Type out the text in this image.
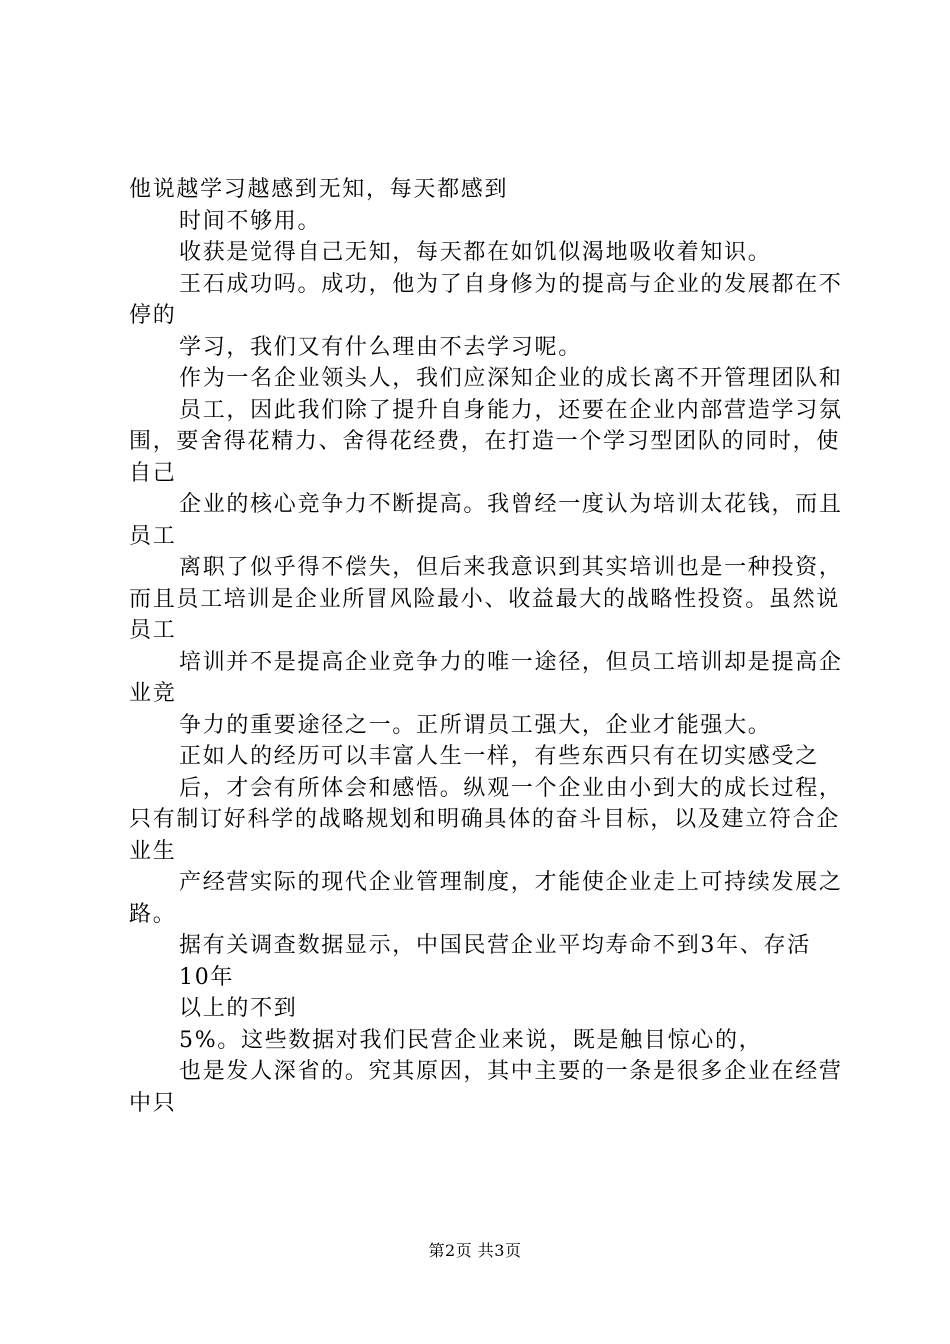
他说越学习越感到无知，每天都感到

时间不够用。

收获是觉得自己无知，每天都在如饥似渴地吸收着知识。

王石成功吗。成功，他为了自身修为的提高与企业的发展都在不停的

学习，我们又有什么理由不去学习呢。

作为一名企业领头人，我们应深知企业的成长离不开管理团队和

员工，因此我们除了提升自身能力，还要在企业内部营造学习氛围，要舍得花精力、舍得花经费，在打造一个学习型团队的同时，使自己

企业的核心竞争力不断提高。我曾经一度认为培训太花钱，而且员工

离职了似乎得不偿失，但后来我意识到其实培训也是一种投资，而且员工培训是企业所冒风险最小、收益最大的战略性投资。虽然说员工

培训并不是提高企业竞争力的唯一途径，但员工培训却是提高企业竞

争力的重要途径之一。正所谓员工强大，企业才能强大。

正如人的经历可以丰富人生一样，有些东西只有在切实感受之

后，才会有所体会和感悟。纵观一个企业由小到大的成长过程，只有制订好科学的战略规划和明确具体的奋斗目标，以及建立符合企业生

产经营实际的现代企业管理制度，才能使企业走上可持续发展之路。

据有关调查数据显示，中国民营企业平均寿命不到3年、存活

10年

以上的不到

5%。这些数据对我们民营企业来说，既是触目惊心的，

也是发人深省的。究其原因，其中主要的一条是很多企业在经营中只

第2页 共3页
